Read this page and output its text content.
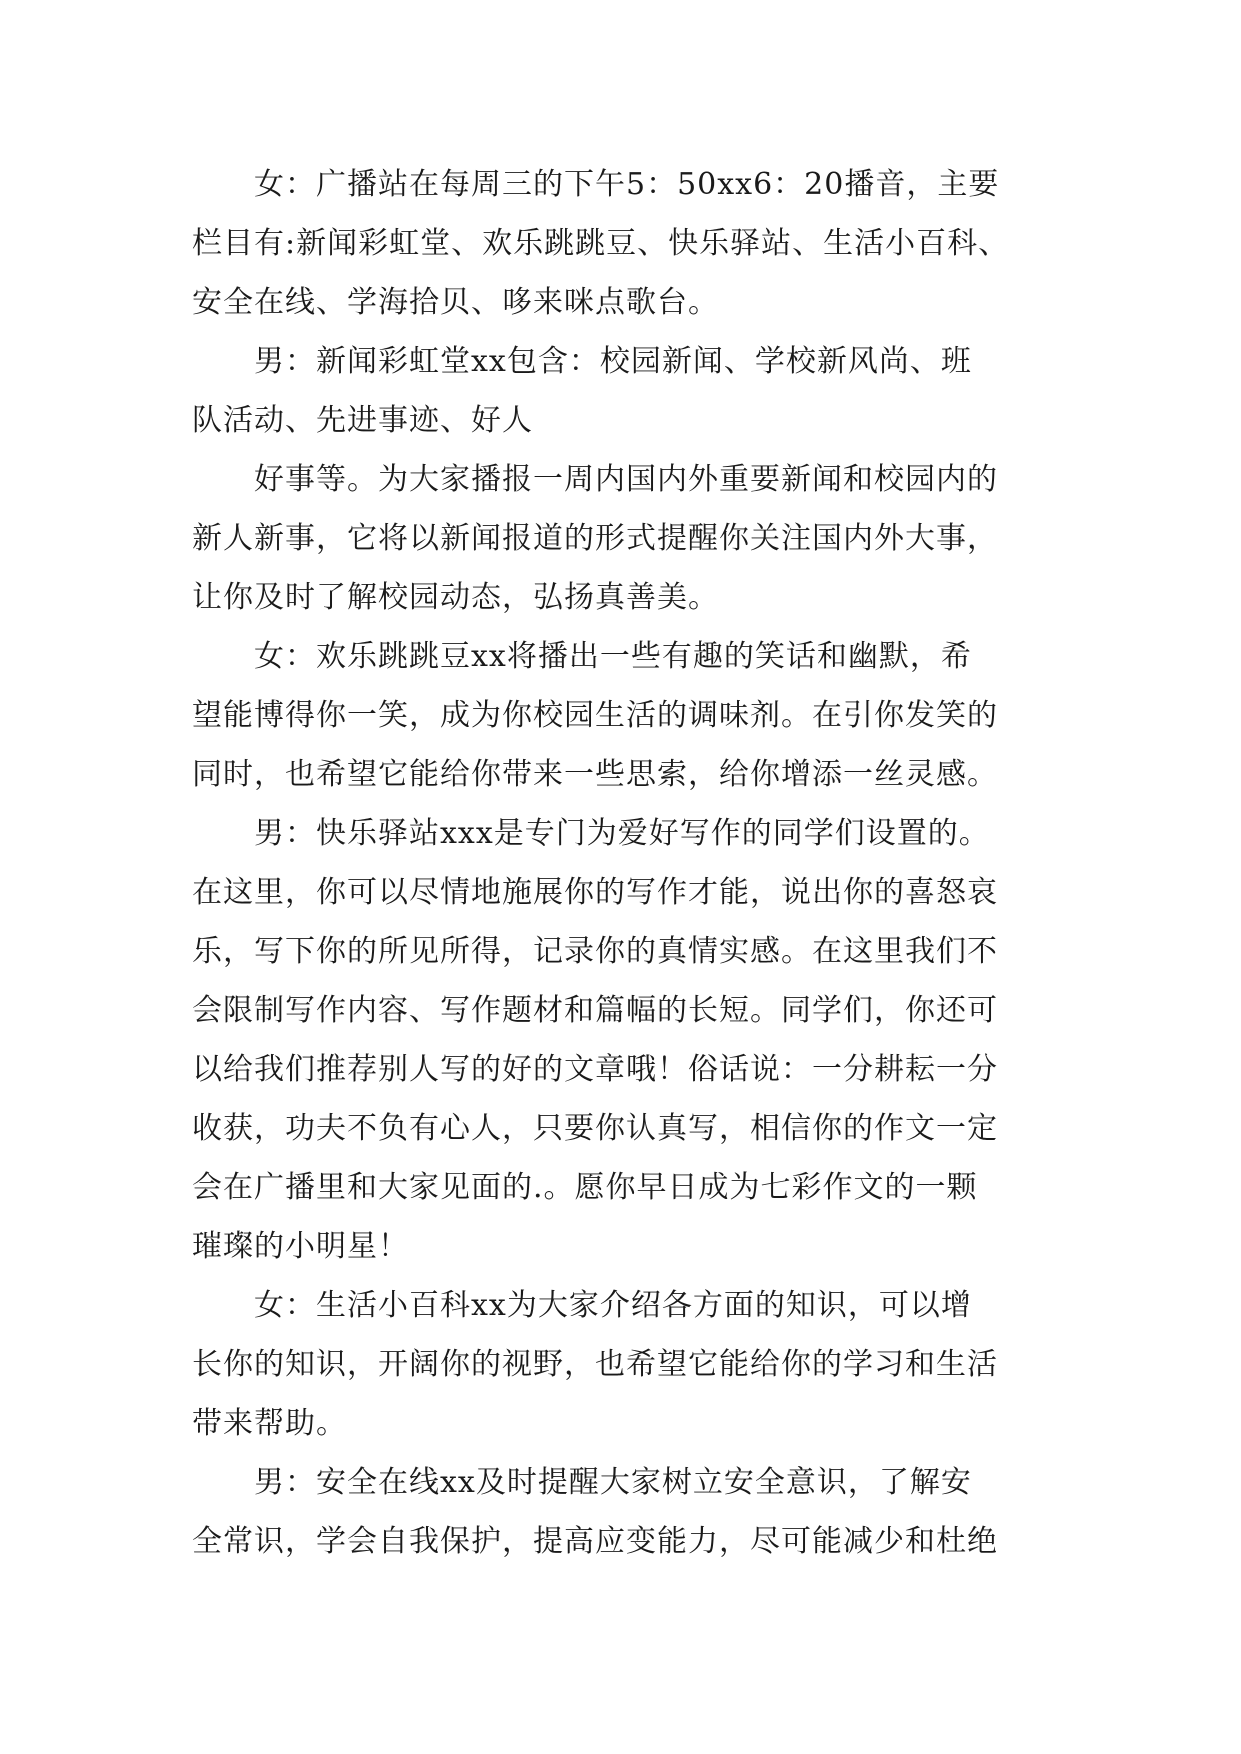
女：广播站在每周三的下午5：50xx6：20播音，主要
栏目有:新闻彩虹堂、欢乐跳跳豆、快乐驿站、生活小百科、
安全在线、学海拾贝、哆来咪点歌台。
男：新闻彩虹堂xx包含：校园新闻、学校新风尚、班
队活动、先进事迹、好人
好事等。为大家播报一周内国内外重要新闻和校园内的
新人新事，它将以新闻报道的形式提醒你关注国内外大事，
让你及时了解校园动态，弘扬真善美。
女：欢乐跳跳豆xx将播出一些有趣的笑话和幽默，希
望能博得你一笑，成为你校园生活的调味剂。在引你发笑的
同时，也希望它能给你带来一些思索，给你增添一丝灵感。
男：快乐驿站xxx是专门为爱好写作的同学们设置的。
在这里，你可以尽情地施展你的写作才能，说出你的喜怒哀
乐，写下你的所见所得，记录你的真情实感。在这里我们不
会限制写作内容、写作题材和篇幅的长短。同学们，你还可
以给我们推荐别人写的好的文章哦！俗话说：一分耕耘一分
收获，功夫不负有心人，只要你认真写，相信你的作文一定
会在广播里和大家见面的.。愿你早日成为七彩作文的一颗
璀璨的小明星！
女：生活小百科xx为大家介绍各方面的知识，可以增
长你的知识，开阔你的视野，也希望它能给你的学习和生活
带来帮助。
男：安全在线xx及时提醒大家树立安全意识，了解安
全常识，学会自我保护，提高应变能力，尽可能减少和杜绝
